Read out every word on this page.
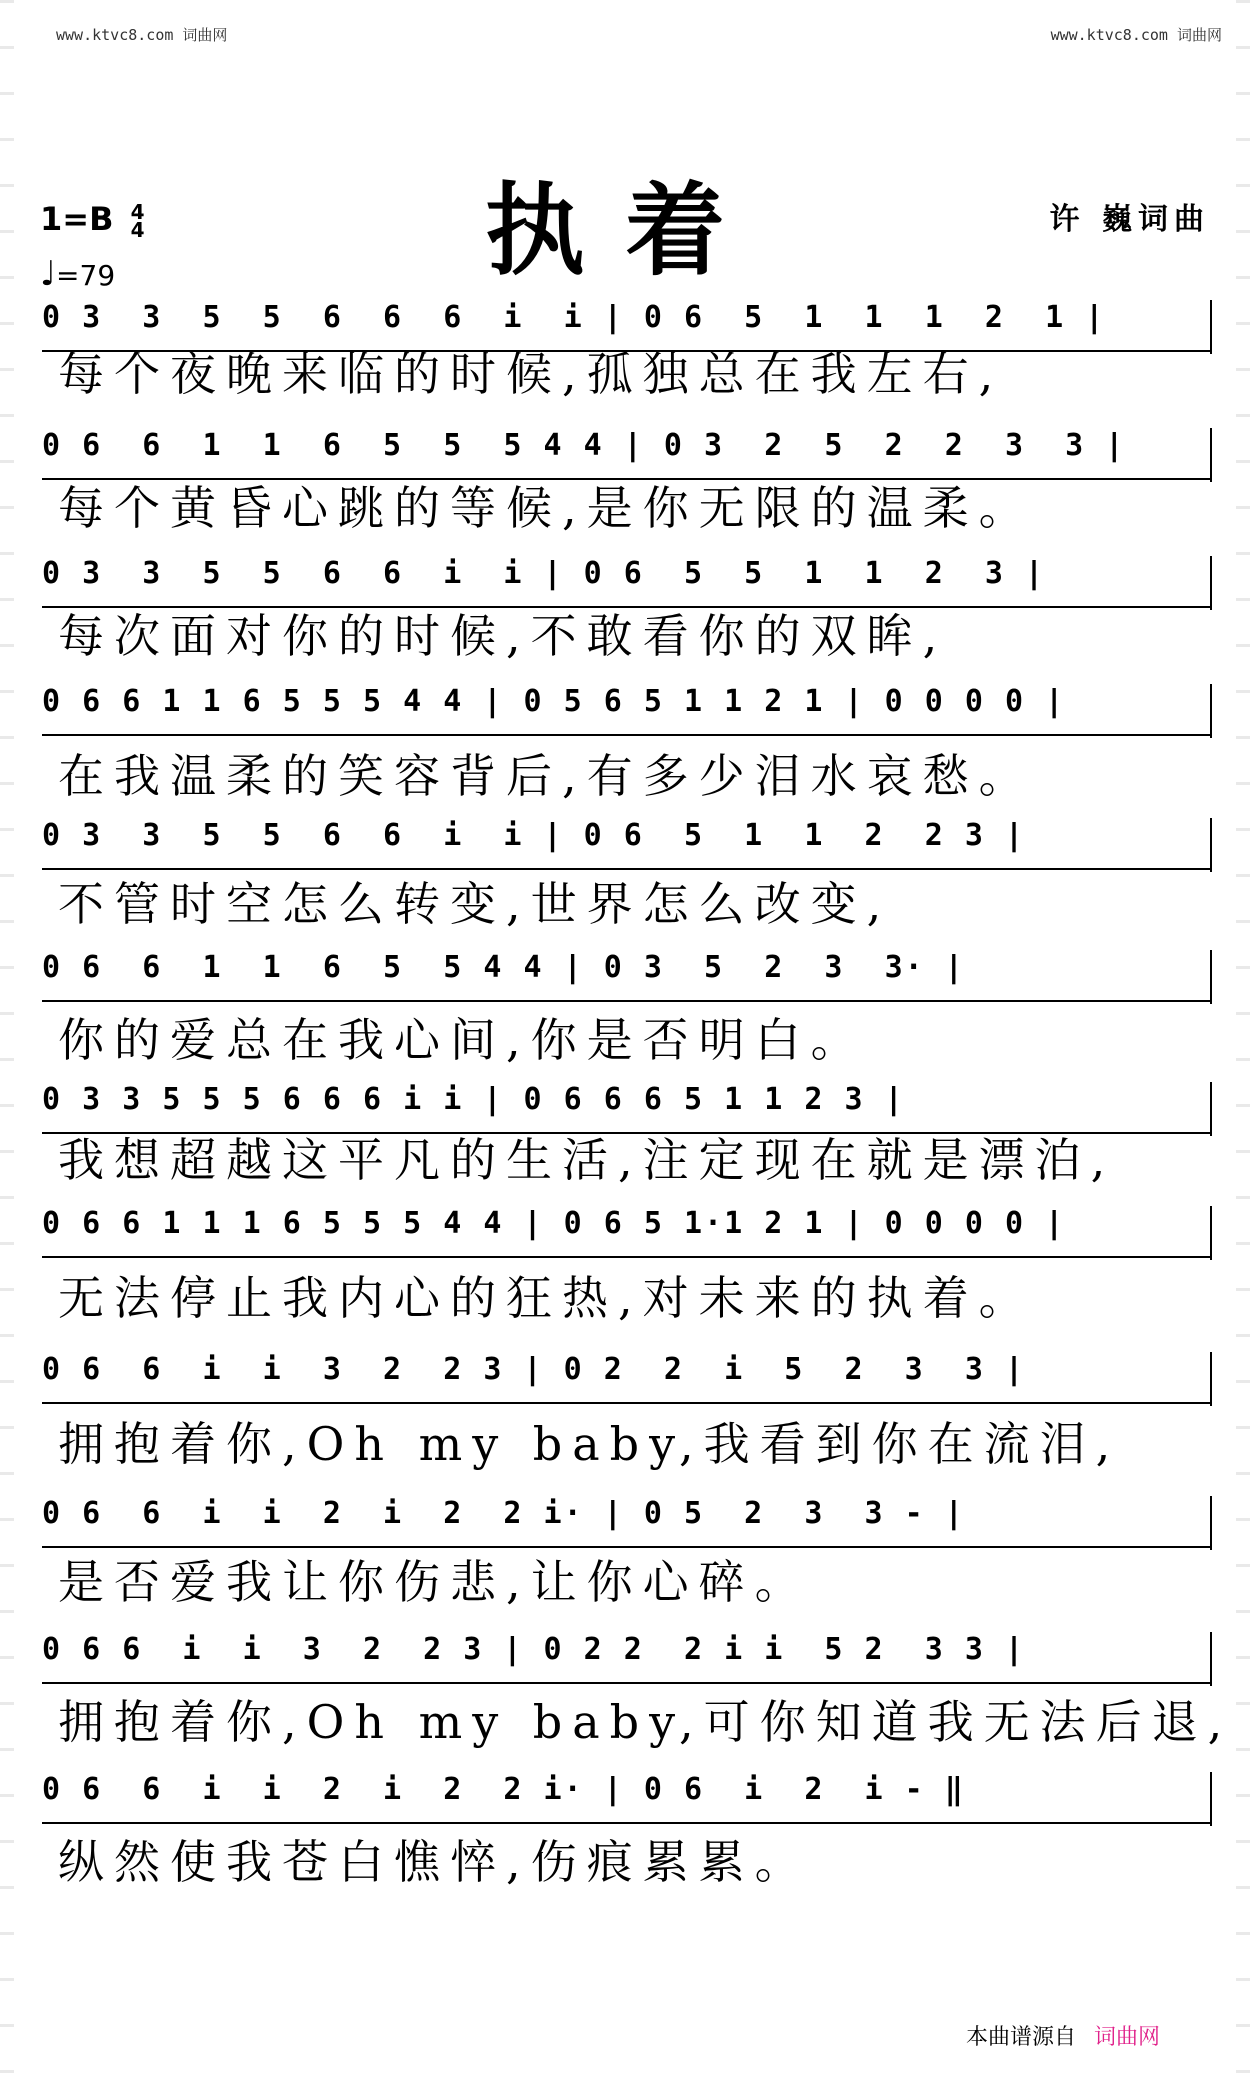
www.ktvc8.com 词曲网	www.ktvc8.com 词曲网
执着	许 巍词曲
1=B 4
4
♩=79
0 3  3  5  5  6  6  6  i  i | 0 6  5  1  1  1  2  1 |
每个夜晚来临的时候,孤独总在我左右,
0 6  6  1  1  6  5  5  5 4 4 | 0 3  2  5  2  2  3  3 |
每个黄昏心跳的等候,是你无限的温柔。
0 3  3  5  5  6  6  i  i | 0 6  5  5  1  1  2  3 |
每次面对你的时候,不敢看你的双眸,
0 6 6 1 1 6 5 5 5 4 4 | 0 5 6 5 1 1 2 1 | 0 0 0 0 |
在我温柔的笑容背后,有多少泪水哀愁。
0 3  3  5  5  6  6  i  i | 0 6  5  1  1  2  2 3 |
不管时空怎么转变,世界怎么改变,
0 6  6  1  1  6  5  5 4 4 | 0 3  5  2  3  3· |
你的爱总在我心间,你是否明白。
0 3 3 5 5 5 6 6 6 i i | 0 6 6 6 5 1 1 2 3 |
我想超越这平凡的生活,注定现在就是漂泊,
0 6 6 1 1 1 6 5 5 5 4 4 | 0 6 5 1·1 2 1 | 0 0 0 0 |
无法停止我内心的狂热,对未来的执着。
0 6  6  i  i  3  2  2 3 | 0 2  2  i  5  2  3  3 |
拥抱着你,Oh my baby,我看到你在流泪,
0 6  6  i  i  2  i  2  2 i· | 0 5  2  3  3 - |
是否爱我让你伤悲,让你心碎。
0 6 6  i  i  3  2  2 3 | 0 2 2  2 i i  5 2  3 3 |
拥抱着你,Oh my baby,可你知道我无法后退,
0 6  6  i  i  2  i  2  2 i· | 0 6  i  2  i - ‖
纵然使我苍白憔悴,伤痕累累。
本曲谱源自 词曲网
